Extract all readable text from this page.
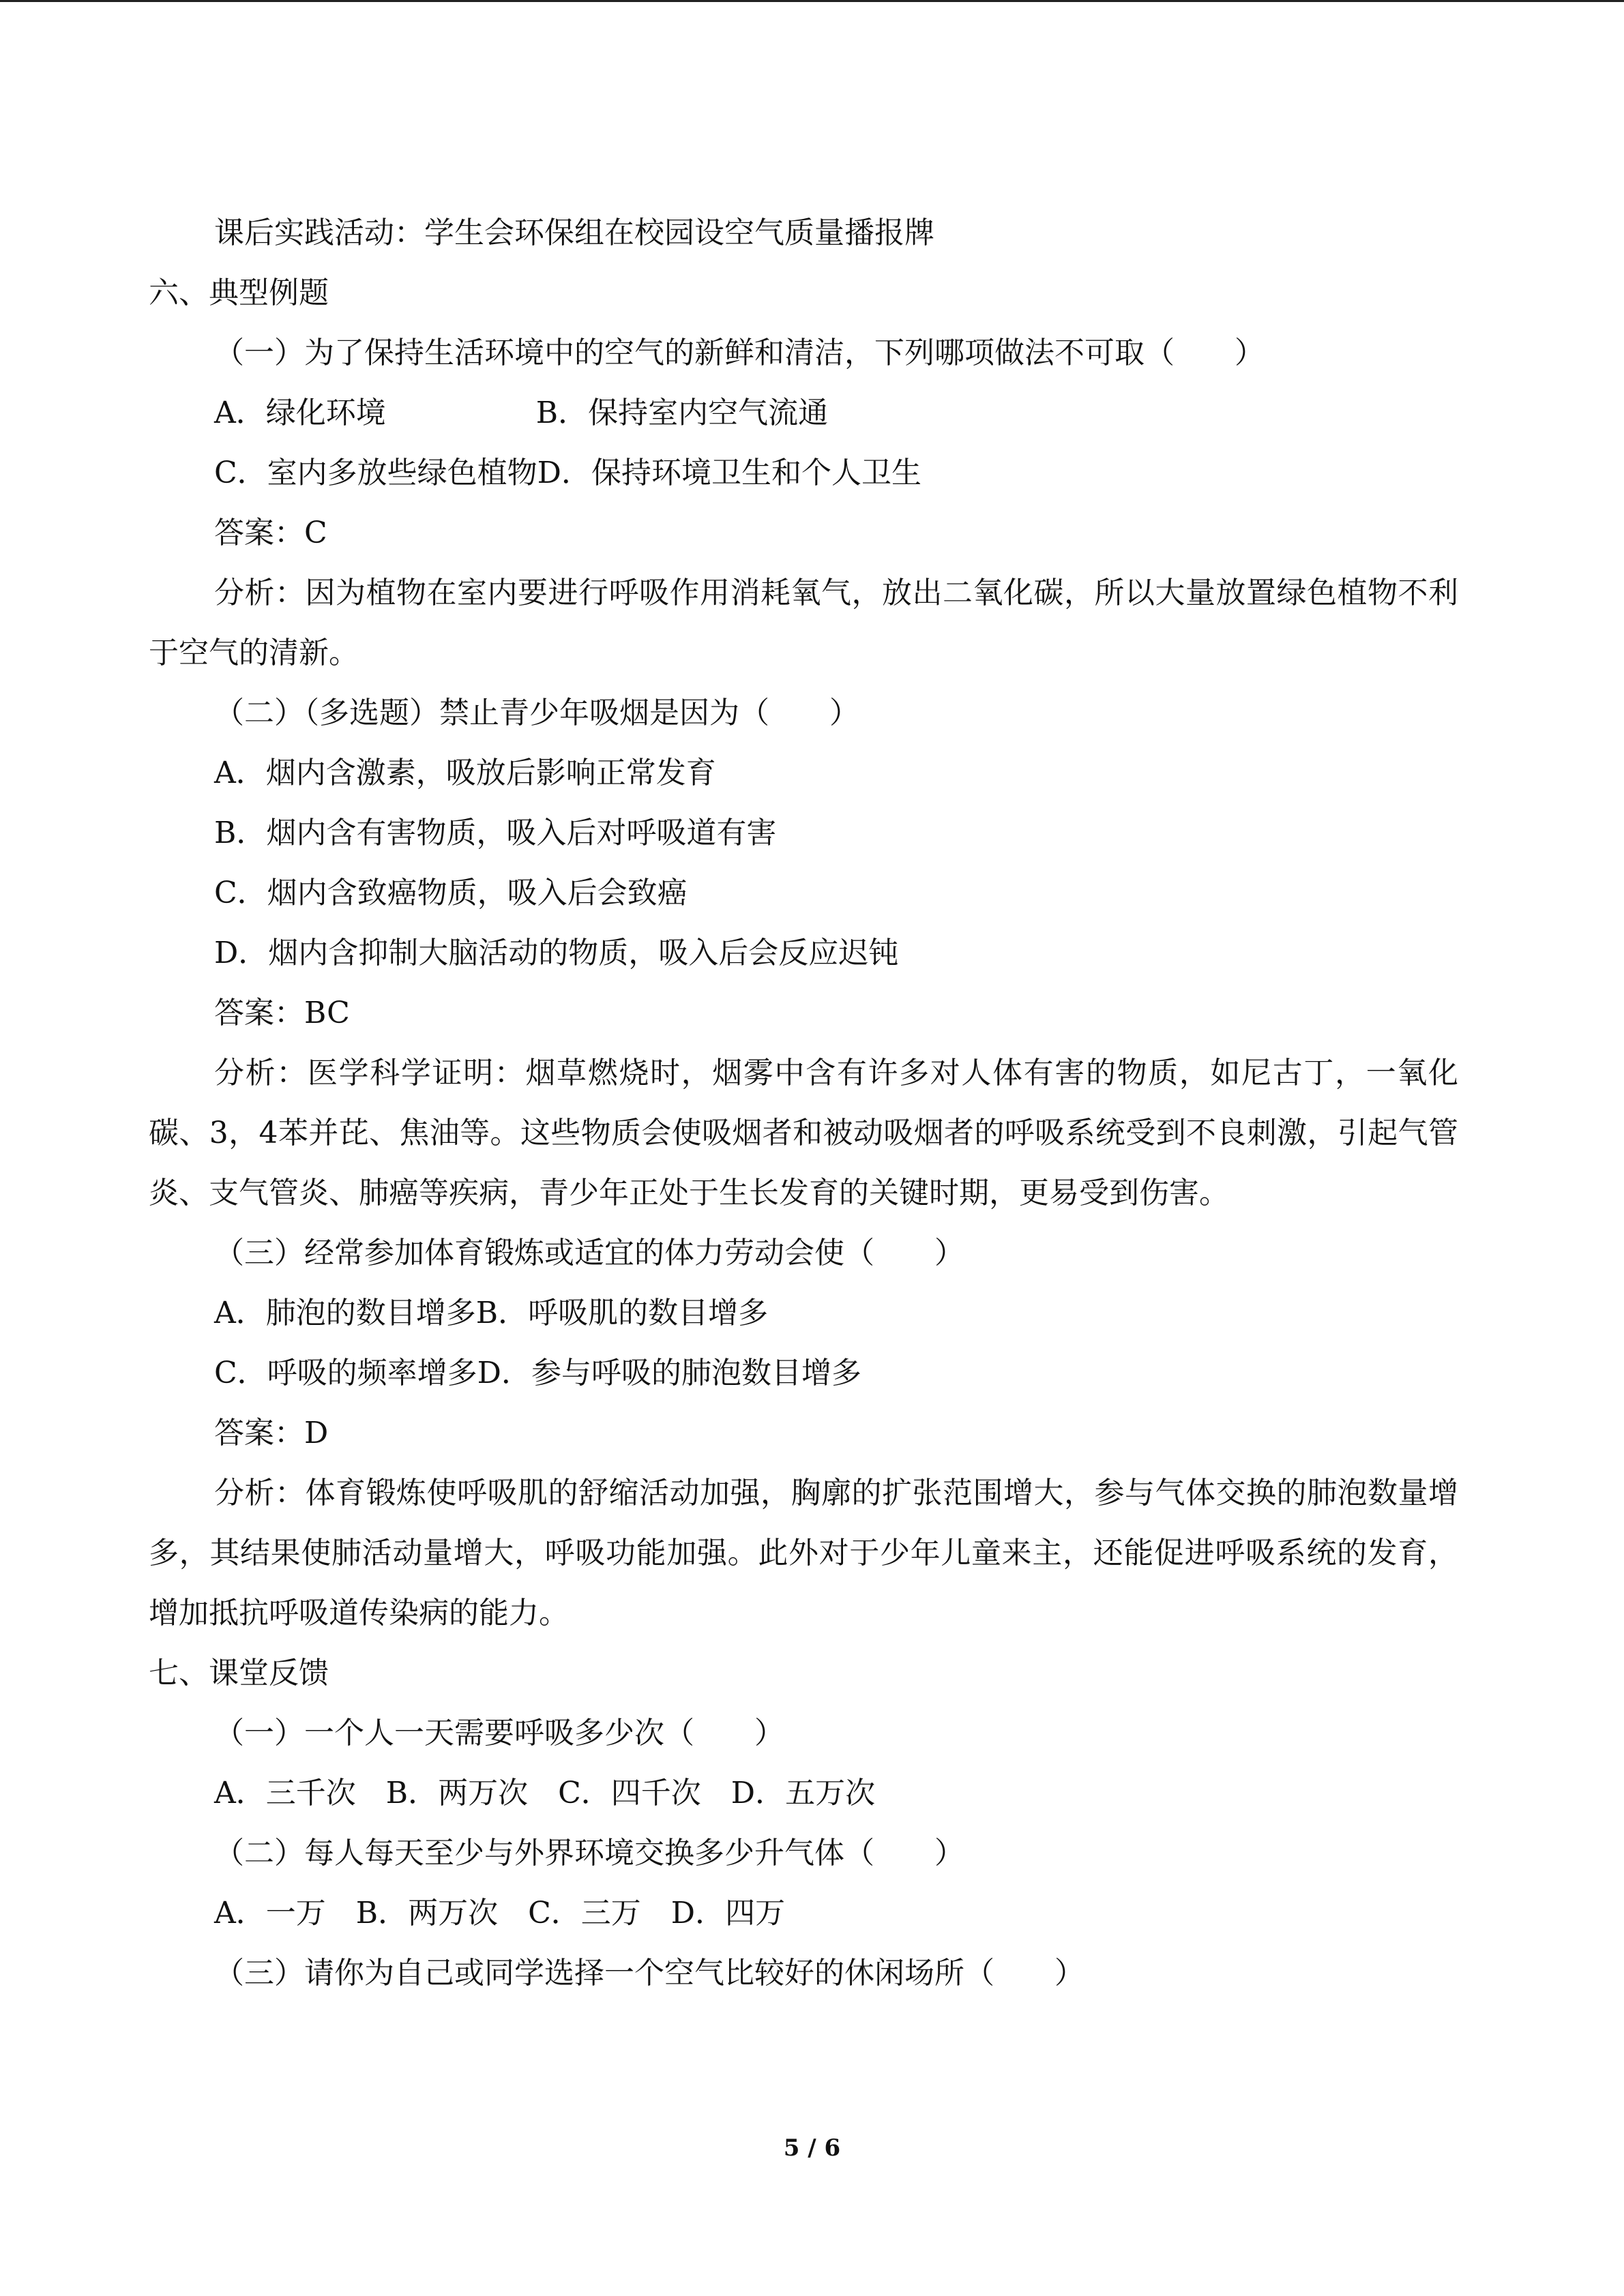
课后实践活动：学生会环保组在校园设空气质量播报牌
六、典型例题
（一）为了保持生活环境中的空气的新鲜和清洁，下列哪项做法不可取（　　）
A．绿化环境	B．保持室内空气流通
C．室内多放些绿色植物D．保持环境卫生和个人卫生
答案：C
分析：因为植物在室内要进行呼吸作用消耗氧气，放出二氧化碳，所以大量放置绿色植物不利于空气的清新。
（二）（多选题）禁止青少年吸烟是因为（　　）
A．烟内含激素，吸放后影响正常发育
B．烟内含有害物质，吸入后对呼吸道有害
C．烟内含致癌物质，吸入后会致癌
D．烟内含抑制大脑活动的物质，吸入后会反应迟钝
答案：BC
分析：医学科学证明：烟草燃烧时，烟雾中含有许多对人体有害的物质，如尼古丁，一氧化碳、3，4苯并芘、焦油等。这些物质会使吸烟者和被动吸烟者的呼吸系统受到不良刺激，引起气管炎、支气管炎、肺癌等疾病，青少年正处于生长发育的关键时期，更易受到伤害。
（三）经常参加体育锻炼或适宜的体力劳动会使（　　）
A．肺泡的数目增多B．呼吸肌的数目增多
C．呼吸的频率增多D．参与呼吸的肺泡数目增多
答案：D
分析：体育锻炼使呼吸肌的舒缩活动加强，胸廓的扩张范围增大，参与气体交换的肺泡数量增多，其结果使肺活动量增大，呼吸功能加强。此外对于少年儿童来主，还能促进呼吸系统的发育，增加抵抗呼吸道传染病的能力。
七、课堂反馈
（一）一个人一天需要呼吸多少次（　　）
A．三千次 B．两万次 C．四千次 D．五万次
（二）每人每天至少与外界环境交换多少升气体（　　）
A．一万 B．两万次 C．三万 D．四万
（三）请你为自己或同学选择一个空气比较好的休闲场所（　　）
5 / 6
